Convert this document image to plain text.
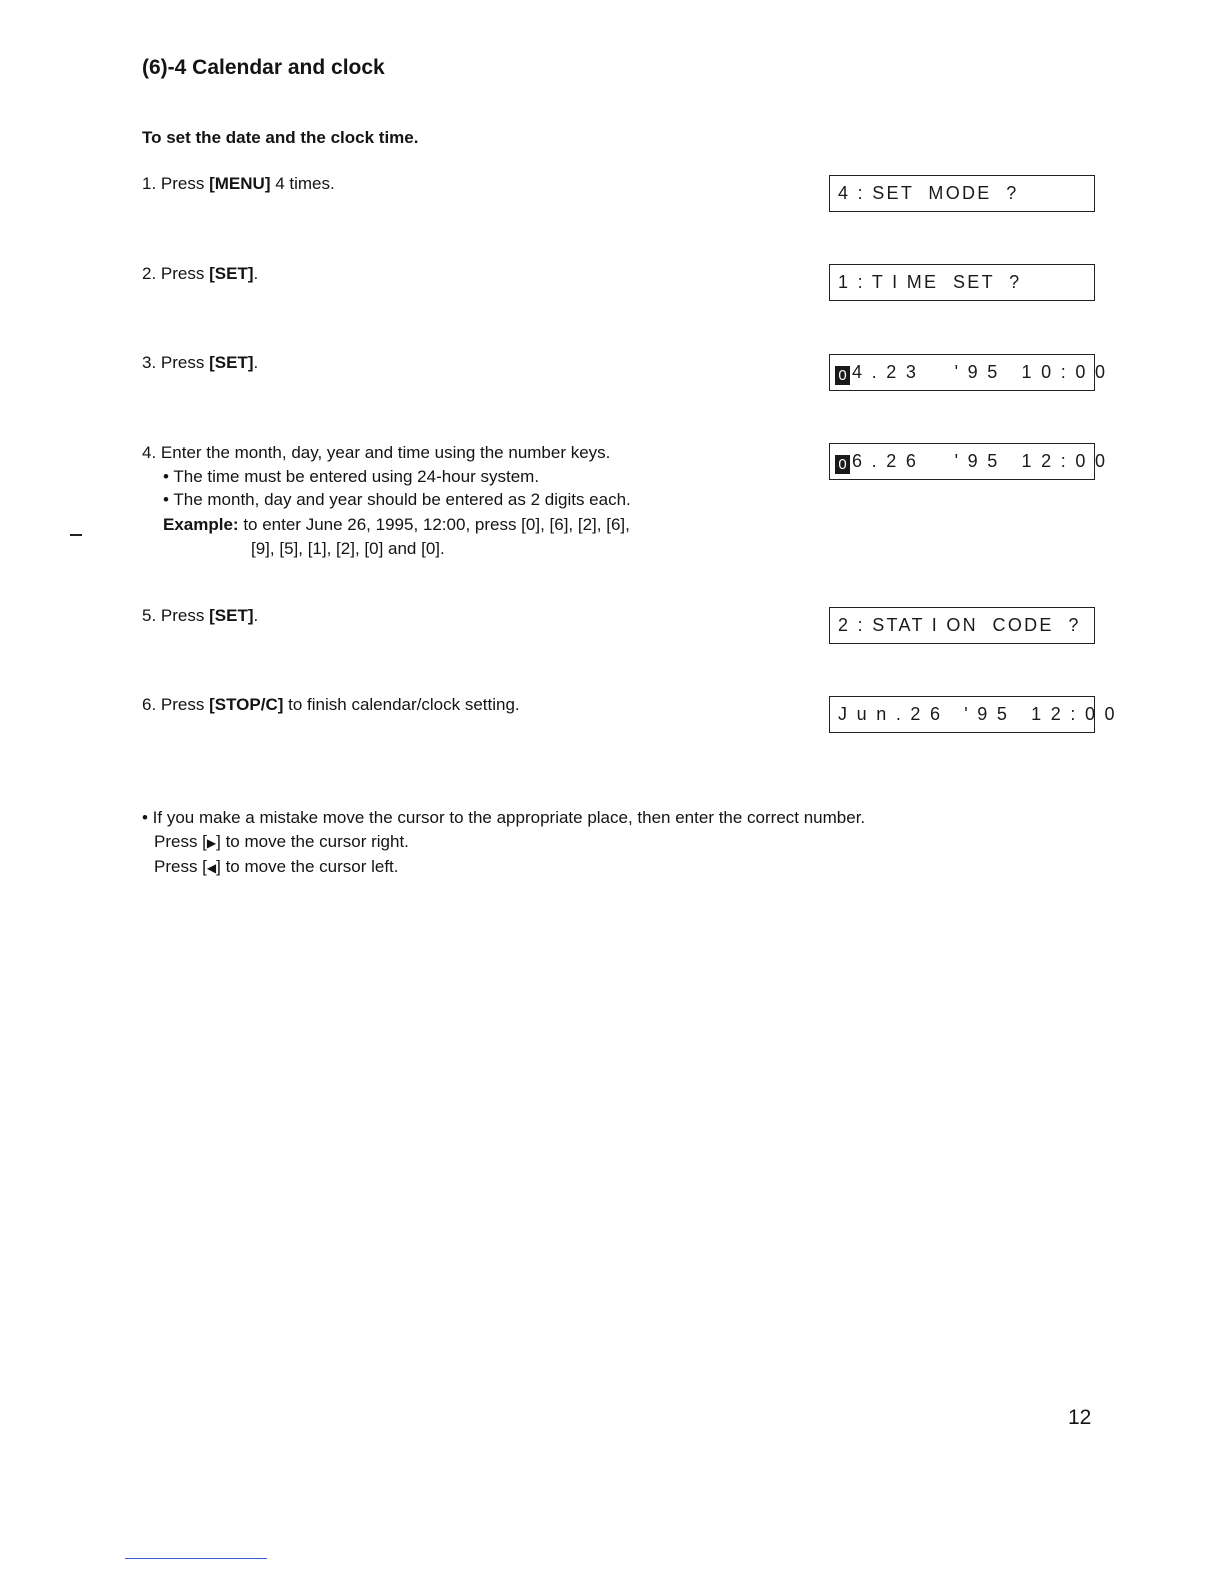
(6)-4 Calendar and clock
To set the date and the clock time.
1. Press [MENU] 4 times.
2. Press [SET].
3. Press [SET].
4. Enter the month, day, year and time using the number keys.
• The time must be entered using 24-hour system.
• The month, day and year should be entered as 2 digits each.
Example: to enter June 26, 1995, 12:00, press [0], [6], [2], [6],
[9], [5], [1], [2], [0] and [0].
5. Press [SET].
6. Press [STOP/C] to finish calendar/clock setting.
4 : SET  MODE  ?
1 : T I ME  SET  ?
0 4 . 2 3     ' 9 5   1 0 : 0 0
0 6 . 2 6     ' 9 5   1 2 : 0 0
2 : STAT I ON  CODE  ?
J u n . 2 6   ' 9 5   1 2 : 0 0
• If you make a mistake move the cursor to the appropriate place, then enter the correct number.
Press [▶] to move the cursor right.
Press [◀] to move the cursor left.
12
